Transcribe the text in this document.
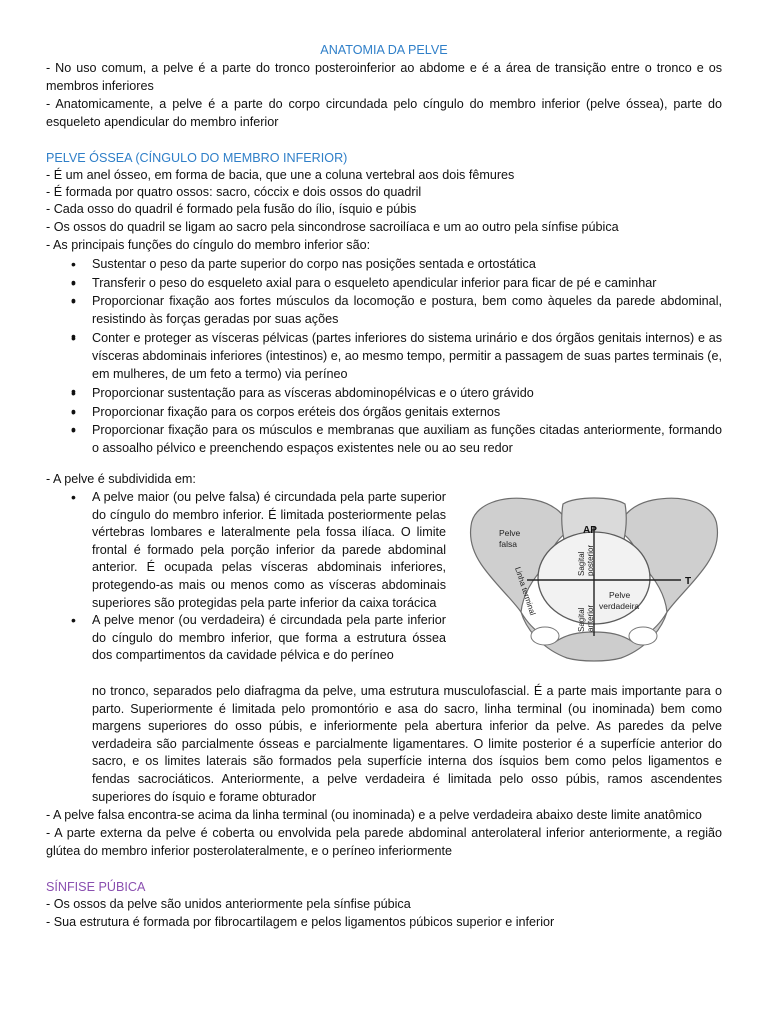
ANATOMIA DA PELVE

- No uso comum, a pelve é a parte do tronco posteroinferior ao abdome e é a área de transição entre o tronco e os membros inferiores

- Anatomicamente, a pelve é a parte do corpo circundada pelo cíngulo do membro inferior (pelve óssea), parte do esqueleto apendicular do membro inferior

PELVE ÓSSEA (CÍNGULO DO MEMBRO INFERIOR)

- É um anel ósseo, em forma de bacia, que une a coluna vertebral aos dois fêmures

- É formada por quatro ossos: sacro, cóccix e dois ossos do quadril

- Cada osso do quadril é formado pela fusão do ílio, ísquio e púbis

- Os ossos do quadril se ligam ao sacro pela sincondrose sacroilíaca e um ao outro pela sínfise púbica

- As principais funções do cíngulo do membro inferior são:

• Sustentar o peso da parte superior do corpo nas posições sentada e ortostática
•
• Transferir o peso do esqueleto axial para o esqueleto apendicular inferior para ficar de pé e caminhar
•
• Proporcionar fixação aos fortes músculos da locomoção e postura, bem como àqueles da parede abdominal, resistindo às forças geradas por suas ações
•
• Conter e proteger as vísceras pélvicas (partes inferiores do sistema urinário e dos órgãos genitais internos) e as vísceras abdominais inferiores (intestinos) e, ao mesmo tempo, permitir a passagem de suas partes terminais (e, em mulheres, de um feto a termo) via períneo
•
• Proporcionar sustentação para as vísceras abdominopélvicas e o útero grávido
•
• Proporcionar fixação para os corpos eréteis dos órgãos genitais externos
•
• Proporcionar fixação para os músculos e membranas que auxiliam as funções citadas anteriormente, formando o assoalho pélvico e preenchendo espaços existentes nele ou ao seu redor

- A pelve é subdividida em:

• A pelve maior (ou pelve falsa) é circundada pela parte superior do cíngulo do membro inferior. É limitada posteriormente pelas vértebras lombares e lateralmente pela fossa ilíaca. O limite frontal é formado pela porção inferior da parede abdominal anterior. É ocupada pelas vísceras abdominais inferiores, protegendo-as mais ou menos como as vísceras abdominais superiores são protegidas pela parte inferior da caixa torácica
• A pelve menor (ou verdadeira) é circundada pela parte inferior do cíngulo do membro inferior, que forma a estrutura óssea dos compartimentos da cavidade pélvica e do períneo

no tronco, separados pelo diafragma da pelve, uma estrutura musculofascial. É a parte mais importante para o parto. Superiormente é limitada pelo promontório e asa do sacro, linha terminal (ou inominada) bem como margens superiores do osso púbis, e inferiormente pela abertura inferior da pelve. As paredes da pelve verdadeira são parcialmente ósseas e parcialmente ligamentares. O limite posterior é a superfície anterior do sacro, e os limites laterais são formados pela superfície interna dos ísquios bem como pelos ligamentos e fendas sacrociáticos. Anteriormente, a pelve verdadeira é limitada pelo osso púbis, ramos ascendentes superiores do ísquio e forame obturador

- A pelve falsa encontra-se acima da linha terminal (ou inominada) e a pelve verdadeira abaixo deste limite anatômico

- A parte externa da pelve é coberta ou envolvida pela parede abdominal anterolateral inferior anteriormente, a região glútea do membro inferior posterolateralmente, e o períneo inferiormente

Pelve
falsa
AP
Sagital posterior
Sagital anterior
T
Pelve
verdadeira
Linha terminal
SÍNFISE PÚBICA

- Os ossos da pelve são unidos anteriormente pela sínfise púbica

- Sua estrutura é formada por fibrocartilagem e pelos ligamentos púbicos superior e inferior
